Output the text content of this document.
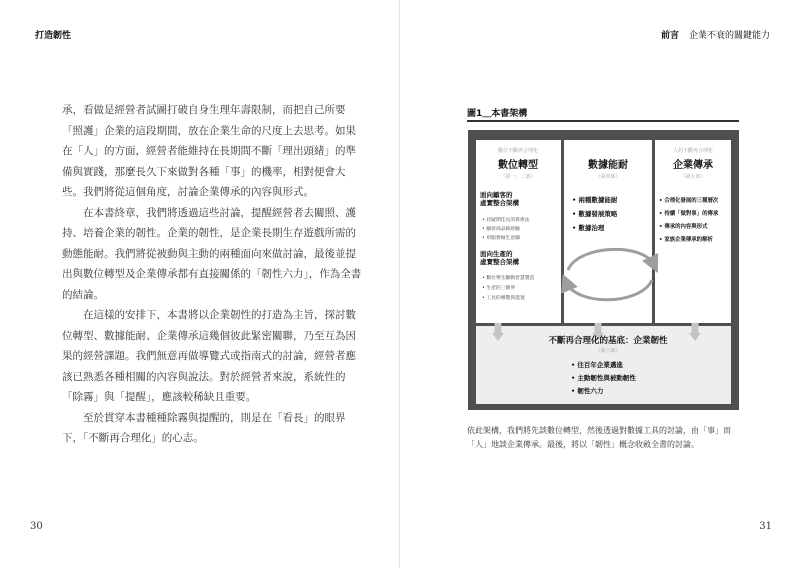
打造韌性	前言 企業不衰的關鍵能力

承，看做是經營者試圖打破自身生理年壽限制，而把自己所要「照護」企業的這段期間，放在企業生命的尺度上去思考。如果在「人」的方面，經營者能維持在長期間不斷「理出頭緒」的準備與實踐，那麼長久下來做對各種「事」的機率，相對便會大些。我們將從這個角度，討論企業傳承的內容與形式。

在本書終章，我們將透過這些討論，提醒經營者去關照、護持、培養企業的韌性。企業的韌性，是企業長期生存遊戲所需的動態能耐。我們將從被動與主動的兩種面向來做討論，最後並提出與數位轉型及企業傳承都有直接關係的「韌性六力」，作為全書的結論。

在這樣的安排下，本書將以企業韌性的打造為主旨，探討數位轉型、數據能耐、企業傳承這幾個彼此緊密關聯，乃至互為因果的經營課題。我們無意再做導覽式或指南式的討論，經營者應該已熟悉各種相關的內容與說法。對於經營者來說，系統性的「除霧」與「提醒」，應該較稀缺且重要。

至於貫穿本書種種除霧與提醒的，則是在「看長」的眼界下，「不斷再合理化」的心志。

圖1＿本書架構
數位不斷再合理化
數位轉型
（第一、二部）
面向顧客的 虛實整合架構
• 持疑期佳長的算術法
• 顧客商品錶經驗
• 用服務做生意團
面向生產的 虛實整合架構
• 數位孿生驅動智慧製造
• 生產的三鏈界
• 工具的導覽與進置
數據能耐
（第四部）
• 兩種數據能耐
• 數據發展策略
• 數據治理
人的不斷再合理化
企業傳承
（第五部）
• 合理化發展的三種層次
• 持續「做對事」的傳承
• 傳承的內容與形式
• 家族企業傳承的解析
不斷再合理化的基底：企業韌性
（第六部）
• 往百年企業邁進
• 主動韌性與被動韌性
• 韌性六力
依此架構，我們將先談數位轉型，然後透過對數據工具的討論，由「事」而「人」地談企業傳承。最後，將以「韌性」概念收斂全書的討論。
30	31
